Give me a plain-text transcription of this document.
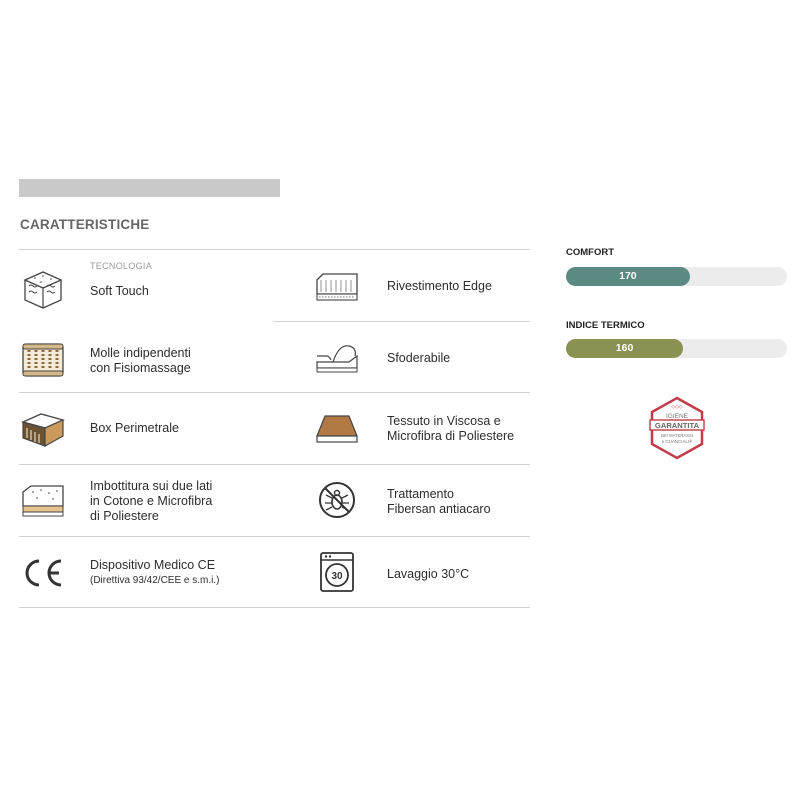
CARATTERISTICHE
TECNOLOGIA
Soft Touch
Molle indipendenti
con Fisiomassage
Box Perimetrale
Imbottitura sui due lati
in Cotone e Microfibra
di Poliestere
Dispositivo Medico CE
(Direttiva 93/42/CEE e s.m.i.)
Rivestimento Edge
Sfoderabile
Tessuto in Viscosa e
Microfibra di Poliestere
Trattamento
Fibersan antiacaro
30	Lavaggio 30°C
COMFORT
170
INDICE TERMICO
160
◇◇◇
IGIENE
GARANTITA
NEI MATERASSI
e GUANCIALI®
